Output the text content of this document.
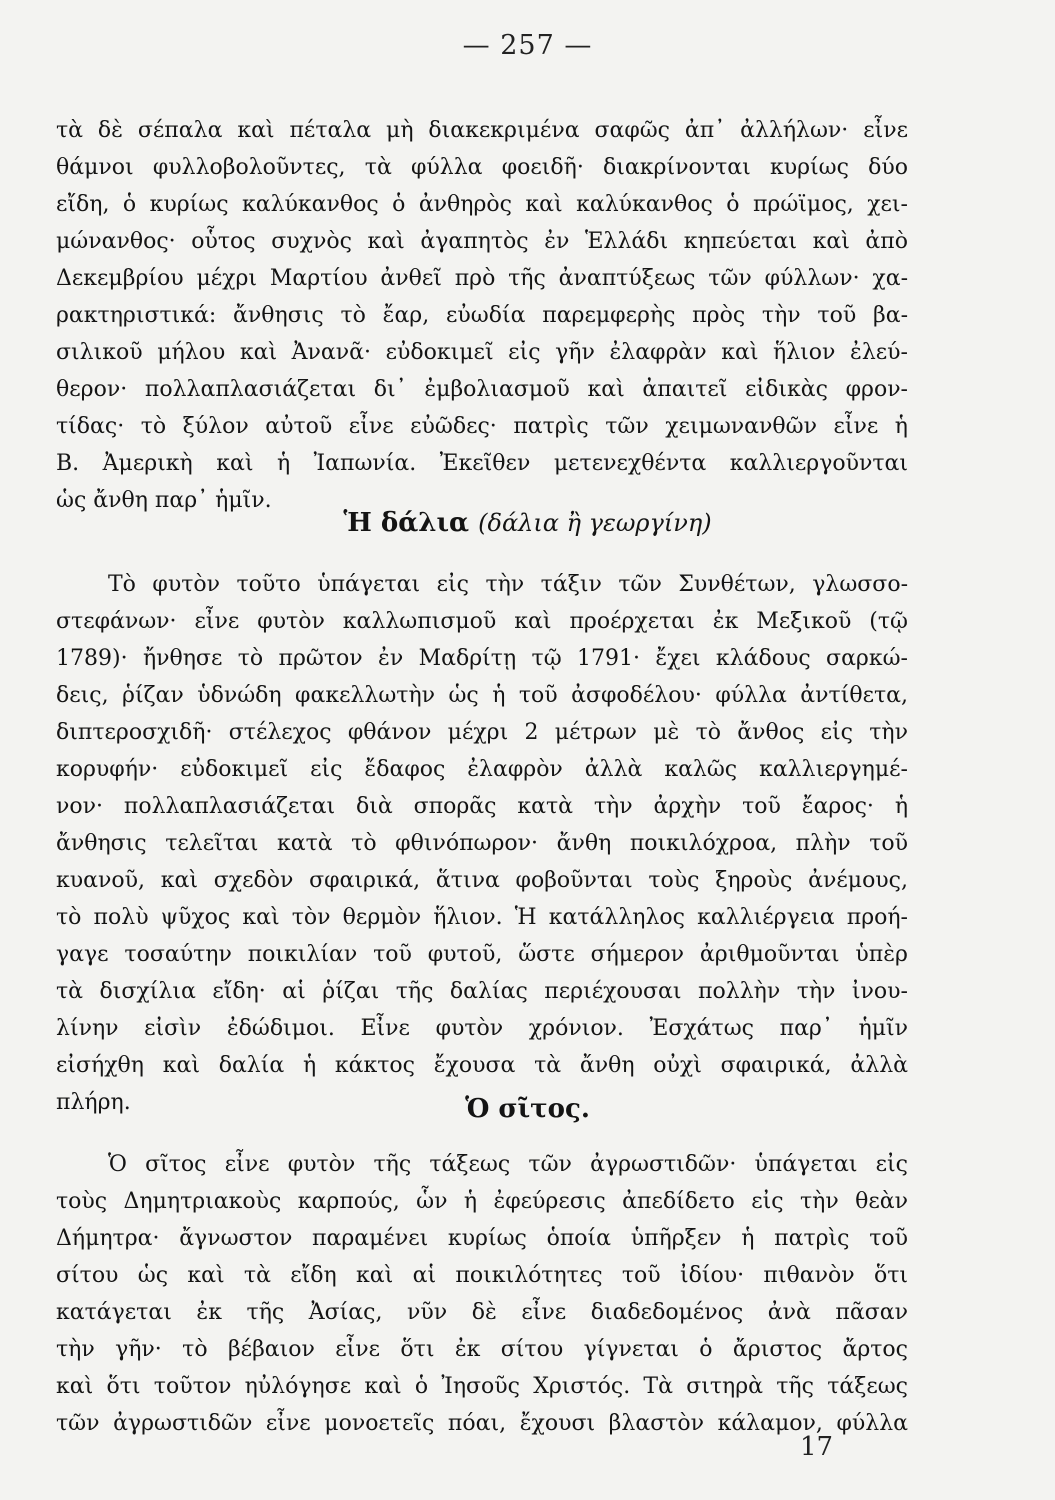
— 257 —
τὰ δὲ σέπαλα καὶ πέταλα μὴ διακεκριμένα σαφῶς ἀπ᾿ ἀλλήλων· εἶνε
θάμνοι φυλλοβολοῦντες, τὰ φύλλα φοειδῆ· διακρίνονται κυρίως δύο
εἴδη, ὁ κυρίως καλύκανθος ὁ ἀνθηρὸς καὶ καλύκανθος ὁ πρώϊμος, χει-
μώνανθος· οὗτος συχνὸς καὶ ἀγαπητὸς ἐν Ἑλλάδι κηπεύεται καὶ ἀπὸ
Δεκεμβρίου μέχρι Μαρτίου ἀνθεῖ πρὸ τῆς ἀναπτύξεως τῶν φύλλων· χα-
ρακτηριστικά: ἄνθησις τὸ ἔαρ, εὐωδία παρεμφερὴς πρὸς τὴν τοῦ βα-
σιλικοῦ μήλου καὶ Ἀνανᾶ· εὐδοκιμεῖ εἰς γῆν ἐλαφρὰν καὶ ἥλιον ἐλεύ-
θερον· πολλαπλασιάζεται δι᾿ ἐμβολιασμοῦ καὶ ἀπαιτεῖ εἰδικὰς φρον-
τίδας· τὸ ξύλον αὐτοῦ εἶνε εὐῶδες· πατρὶς τῶν χειμωνανθῶν εἶνε ἡ
Β. Ἀμερικὴ καὶ ἡ Ἰαπωνία. Ἐκεῖθεν μετενεχθέντα καλλιεργοῦνται
ὡς ἄνθη παρ᾿ ἡμῖν.
Ἡ δάλια (δάλια ἢ γεωργίνη)
Τὸ φυτὸν τοῦτο ὑπάγεται εἰς τὴν τάξιν τῶν Συνθέτων, γλωσσο-
στεφάνων· εἶνε φυτὸν καλλωπισμοῦ καὶ προέρχεται ἐκ Μεξικοῦ (τῷ
1789)· ἤνθησε τὸ πρῶτον ἐν Μαδρίτῃ τῷ 1791· ἔχει κλάδους σαρκώ-
δεις, ῥίζαν ὑδνώδη φακελλωτὴν ὡς ἡ τοῦ ἀσφοδέλου· φύλλα ἀντίθετα,
διπτεροσχιδῆ· στέλεχος φθάνον μέχρι 2 μέτρων μὲ τὸ ἄνθος εἰς τὴν
κορυφήν· εὐδοκιμεῖ εἰς ἔδαφος ἐλαφρὸν ἀλλὰ καλῶς καλλιεργημέ-
νον· πολλαπλασιάζεται διὰ σπορᾶς κατὰ τὴν ἀρχὴν τοῦ ἔαρος· ἡ
ἄνθησις τελεῖται κατὰ τὸ φθινόπωρον· ἄνθη ποικιλόχροα, πλὴν τοῦ
κυανοῦ, καὶ σχεδὸν σφαιρικά, ἅτινα φοβοῦνται τοὺς ξηροὺς ἀνέμους,
τὸ πολὺ ψῦχος καὶ τὸν θερμὸν ἥλιον. Ἡ κατάλληλος καλλιέργεια προή-
γαγε τοσαύτην ποικιλίαν τοῦ φυτοῦ, ὥστε σήμερον ἀριθμοῦνται ὑπὲρ
τὰ δισχίλια εἴδη· αἱ ῥίζαι τῆς δαλίας περιέχουσαι πολλὴν τὴν ἰνου-
λίνην εἰσὶν ἐδώδιμοι. Εἶνε φυτὸν χρόνιον. Ἐσχάτως παρ᾿ ἡμῖν
εἰσήχθη καὶ δαλία ἡ κάκτος ἔχουσα τὰ ἄνθη οὐχὶ σφαιρικά, ἀλλὰ
πλήρη.	Ὁ σῖτος.
Ὁ σῖτος εἶνε φυτὸν τῆς τάξεως τῶν ἀγρωστιδῶν· ὑπάγεται εἰς
τοὺς Δημητριακοὺς καρπούς, ὧν ἡ ἐφεύρεσις ἀπεδίδετο εἰς τὴν θεὰν
Δήμητρα· ἄγνωστον παραμένει κυρίως ὁποία ὑπῆρξεν ἡ πατρὶς τοῦ
σίτου ὡς καὶ τὰ εἴδη καὶ αἱ ποικιλότητες τοῦ ἰδίου· πιθανὸν ὅτι
κατάγεται ἐκ τῆς Ἀσίας, νῦν δὲ εἶνε διαδεδομένος ἀνὰ πᾶσαν
τὴν γῆν· τὸ βέβαιον εἶνε ὅτι ἐκ σίτου γίγνεται ὁ ἄριστος ἄρτος
καὶ ὅτι τοῦτον ηὐλόγησε καὶ ὁ Ἰησοῦς Χριστός. Τὰ σιτηρὰ τῆς τάξεως
τῶν ἀγρωστιδῶν εἶνε μονοετεῖς πόαι, ἔχουσι βλαστὸν κάλαμον, φύλλα
17
